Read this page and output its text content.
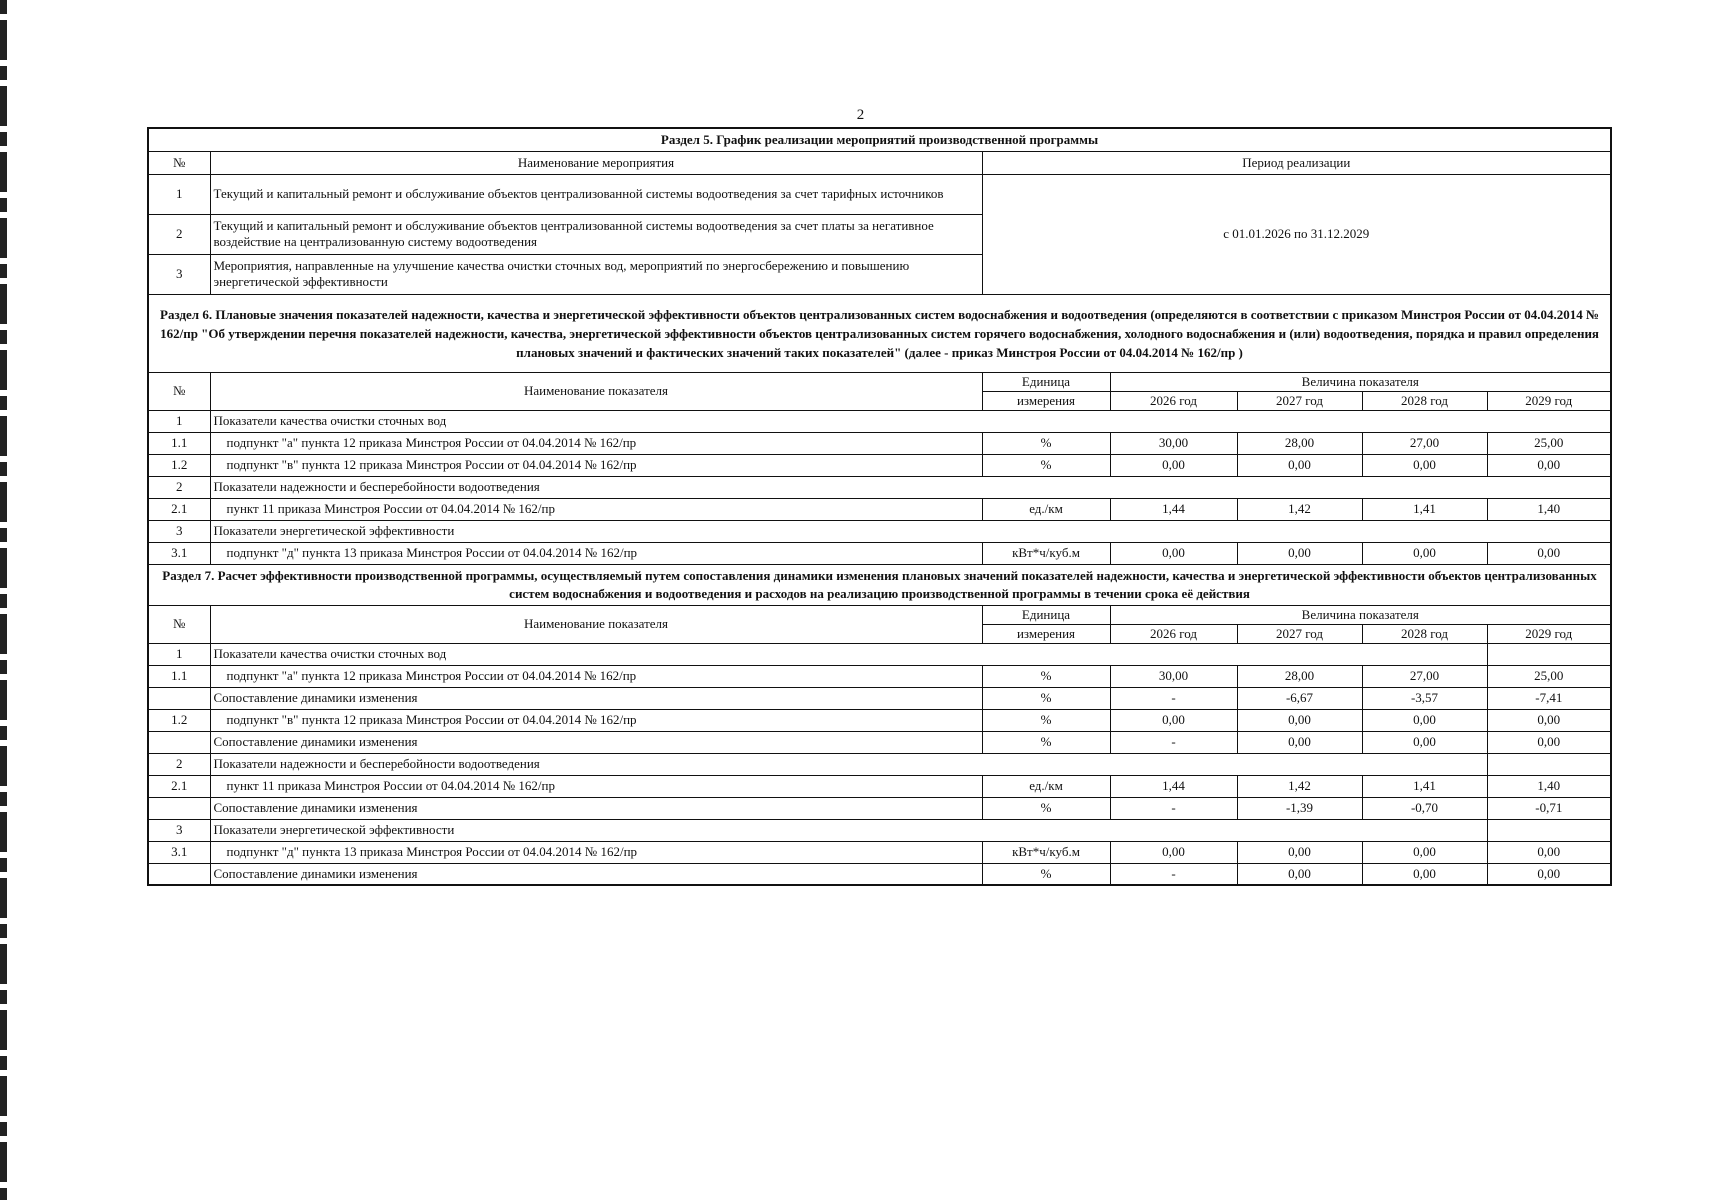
2
Раздел 5. График реализации мероприятий производственной программы						
№	Наименование мероприятия	Период реализации				
1	Текущий и капитальный ремонт и обслуживание объектов централизованной системы водоотведения за счет тарифных источников	с 01.01.2026 по 31.12.2029				
2	Текущий и капитальный ремонт и обслуживание объектов централизованной системы водоотведения за счет платы за негативное воздействие на централизованную систему водоотведения					
3	Мероприятия, направленные на улучшение качества очистки сточных вод, мероприятий по энергосбережению и повышению энергетической эффективности					
Раздел 6. Плановые значения показателей надежности, качества и энергетической эффективности объектов централизованных систем водоснабжения и водоотведения (определяются в соответствии с приказом Минстроя России от 04.04.2014 № 162/пр "Об утверждении перечня показателей надежности, качества, энергетической эффективности объектов централизованных систем горячего водоснабжения, холодного водоснабжения и (или) водоотведения, порядка и правил определения плановых значений и фактических значений таких показателей" (далее - приказ Минстроя России от 04.04.2014 № 162/пр )						
№	Наименование показателя	Единица	Величина показателя			
		измерения	2026 год	2027 год	2028 год	2029 год
1	Показатели качества очистки сточных вод					
1.1	подпункт "а" пункта 12 приказа Минстроя России от 04.04.2014 № 162/пр	%	30,00	28,00	27,00	25,00
1.2	подпункт "в" пункта 12 приказа Минстроя России от 04.04.2014 № 162/пр	%	0,00	0,00	0,00	0,00
2	Показатели надежности и бесперебойности водоотведения					
2.1	пункт 11 приказа Минстроя России от 04.04.2014 № 162/пр	ед./км	1,44	1,42	1,41	1,40
3	Показатели энергетической эффективности					
3.1	подпункт "д" пункта 13 приказа Минстроя России от 04.04.2014 № 162/пр	кВт*ч/куб.м	0,00	0,00	0,00	0,00
Раздел 7. Расчет эффективности производственной программы, осуществляемый путем сопоставления динамики изменения плановых значений показателей надежности, качества и энергетической эффективности объектов централизованных систем водоснабжения и водоотведения и расходов на реализацию производственной программы в течении срока её действия						
№	Наименование показателя	Единица	Величина показателя			
		измерения	2026 год	2027 год	2028 год	2029 год
1	Показатели качества очистки сточных вод					
1.1	подпункт "а" пункта 12 приказа Минстроя России от 04.04.2014 № 162/пр	%	30,00	28,00	27,00	25,00
	Сопоставление динамики изменения	%	-	-6,67	-3,57	-7,41
1.2	подпункт "в" пункта 12 приказа Минстроя России от 04.04.2014 № 162/пр	%	0,00	0,00	0,00	0,00
	Сопоставление динамики изменения	%	-	0,00	0,00	0,00
2	Показатели надежности и бесперебойности водоотведения					
2.1	пункт 11 приказа Минстроя России от 04.04.2014 № 162/пр	ед./км	1,44	1,42	1,41	1,40
	Сопоставление динамики изменения	%	-	-1,39	-0,70	-0,71
3	Показатели энергетической эффективности					
3.1	подпункт "д" пункта 13 приказа Минстроя России от 04.04.2014 № 162/пр	кВт*ч/куб.м	0,00	0,00	0,00	0,00
	Сопоставление динамики изменения	%	-	0,00	0,00	0,00
